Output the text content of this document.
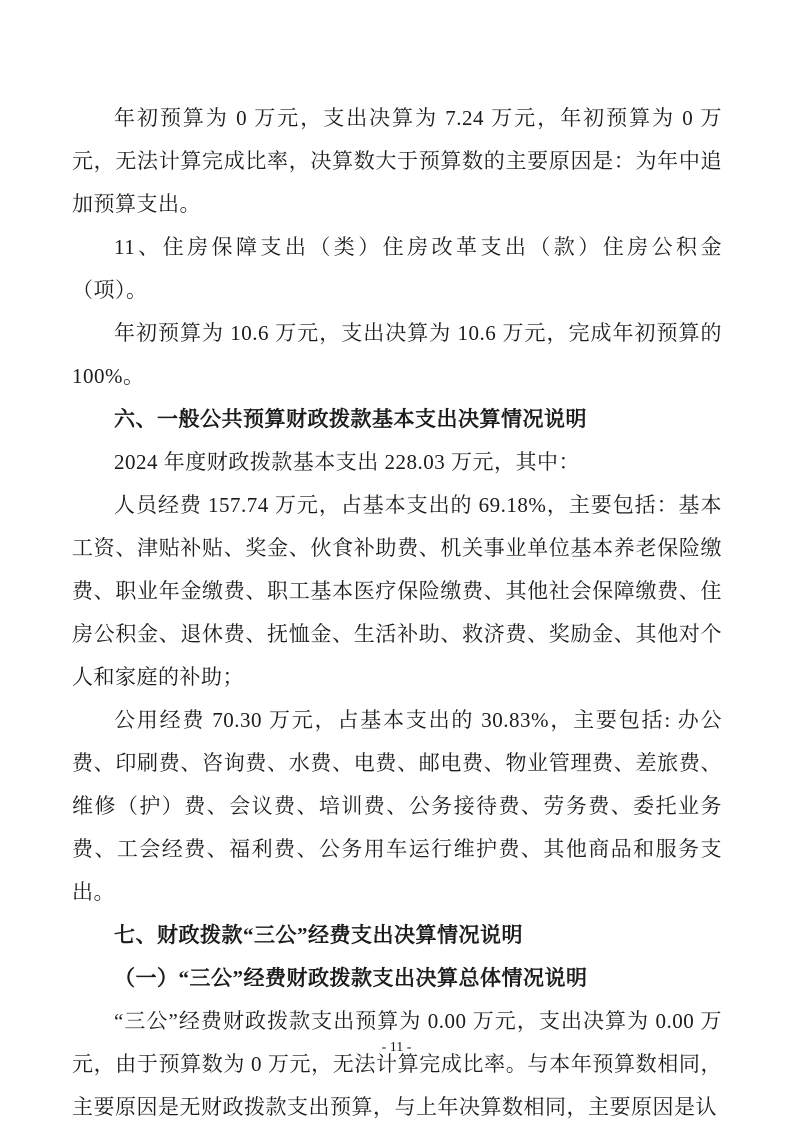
年初预算为 0 万元，支出决算为 7.24 万元，年初预算为 0 万元，无法计算完成比率，决算数大于预算数的主要原因是：为年中追加预算支出。

11、住房保障支出（类）住房改革支出（款）住房公积金（项）。

年初预算为 10.6 万元，支出决算为 10.6 万元，完成年初预算的 100%。

六、一般公共预算财政拨款基本支出决算情况说明

2024 年度财政拨款基本支出 228.03 万元，其中：

人员经费 157.74 万元，占基本支出的 69.18%，主要包括：基本工资、津贴补贴、奖金、伙食补助费、机关事业单位基本养老保险缴费、职业年金缴费、职工基本医疗保险缴费、其他社会保障缴费、住房公积金、退休费、抚恤金、生活补助、救济费、奖励金、其他对个人和家庭的补助；

公用经费 70.30 万元，占基本支出的 30.83%，主要包括: 办公费、印刷费、咨询费、水费、电费、邮电费、物业管理费、差旅费、维修（护）费、会议费、培训费、公务接待费、劳务费、委托业务费、工会经费、福利费、公务用车运行维护费、其他商品和服务支出。

七、财政拨款“三公”经费支出决算情况说明

（一）“三公”经费财政拨款支出决算总体情况说明

“三公”经费财政拨款支出预算为 0.00 万元，支出决算为 0.00 万元，由于预算数为 0 万元，无法计算完成比率。与本年预算数相同，主要原因是无财政拨款支出预算，与上年决算数相同，主要原因是认

- 11 -
